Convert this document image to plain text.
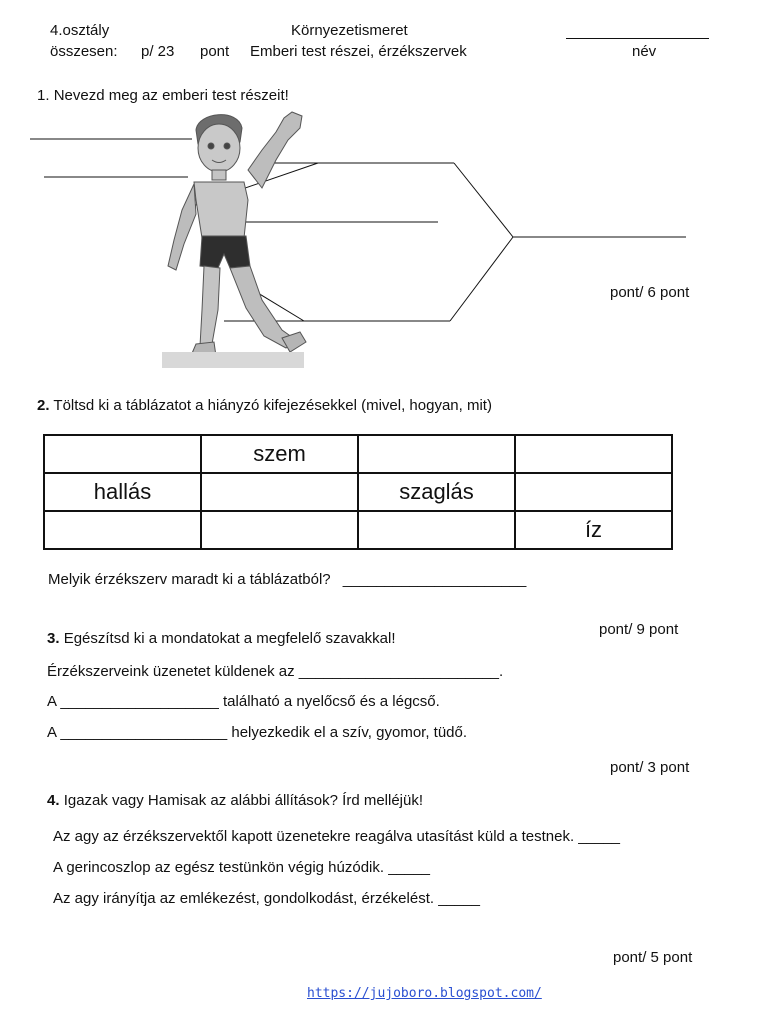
4.osztály	Környezetismeret
összesen: p/ 23 pont Emberi test részei, érzékszervek	név
1. Nevezd meg az emberi test részeit!
pont/ 6 pont
2. Töltsd ki a táblázatot a hiányzó kifejezésekkel (mivel, hogyan, mit)
	szem		
hallás		szaglás	
			íz
Melyik érzékszerv maradt ki a táblázatból? ______________________
pont/ 9 pont
3. Egészítsd ki a mondatokat a megfelelő szavakkal!
Érzékszerveink üzenetet küldenek az ________________________.
A ___________________ található a nyelőcső és a légcső.
A ____________________ helyezkedik el a szív, gyomor, tüdő.
pont/ 3 pont
4. Igazak vagy Hamisak az alábbi állítások? Írd melléjük!
Az agy az érzékszervektől kapott üzenetekre reagálva utasítást küld a testnek. _____
A gerincoszlop az egész testünkön végig húzódik. _____
Az agy irányítja az emlékezést, gondolkodást, érzékelést. _____
pont/ 5 pont
https://jujoboro.blogspot.com/
